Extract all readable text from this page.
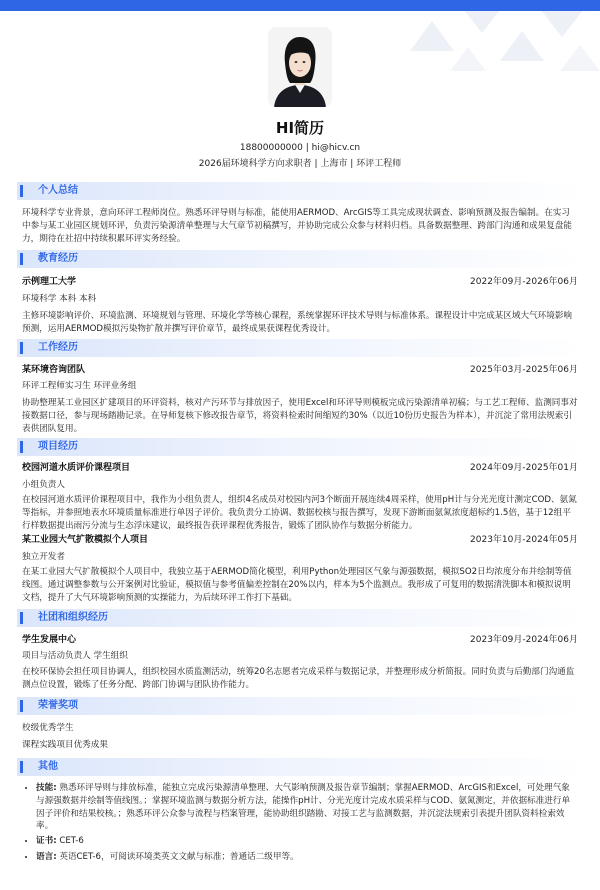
HI简历
18800000000 | hi@hicv.cn
2026届环境科学方向求职者 | 上海市 | 环评工程师
个人总结

环境科学专业背景，意向环评工程师岗位。熟悉环评导则与标准，能使用AERMOD、ArcGIS等工具完成现状调查、影响预测及报告编制。在实习中参与某工业园区规划环评，负责污染源清单整理与大气章节初稿撰写，并协助完成公众参与材料归档。具备数据整理、跨部门沟通和成果复盘能力，期待在社招中持续积累环评实务经验。

教育经历
示例理工大学	2022年09月-2026年06月
环境科学 本科 本科

主修环境影响评价、环境监测、环境规划与管理、环境化学等核心课程，系统掌握环评技术导则与标准体系。课程设计中完成某区域大气环境影响预测，运用AERMOD模拟污染物扩散并撰写评价章节，最终成果获课程优秀设计。

工作经历
某环境咨询团队	2025年03月-2025年06月
环评工程师实习生 环评业务组

协助整理某工业园区扩建项目的环评资料，核对产污环节与排放因子，使用Excel和环评导则模板完成污染源清单初稿；与工艺工程师、监测同事对接数据口径，参与现场踏勘记录。在导师复核下修改报告章节，将资料检索时间缩短约30%（以近10份历史报告为样本），并沉淀了常用法规索引表供团队复用。

项目经历
校园河道水质评价课程项目	2024年09月-2025年01月
小组负责人

在校园河道水质评价课程项目中，我作为小组负责人，组织4名成员对校园内河3个断面开展连续4周采样，使用pH计与分光光度计测定COD、氨氮等指标，并参照地表水环境质量标准进行单因子评价。我负责分工协调、数据校核与报告撰写，发现下游断面氨氮浓度超标约1.5倍，基于12组平行样数据提出雨污分流与生态浮床建议，最终报告获评课程优秀报告，锻炼了团队协作与数据分析能力。

某工业园大气扩散模拟个人项目	2023年10月-2024年05月
独立开发者

在某工业园大气扩散模拟个人项目中，我独立基于AERMOD简化模型，利用Python处理园区气象与源强数据，模拟SO2日均浓度分布并绘制等值线图。通过调整参数与公开案例对比验证，模拟值与参考值偏差控制在20%以内，样本为5个监测点。我形成了可复用的数据清洗脚本和模拟说明文档，提升了大气环境影响预测的实操能力，为后续环评工作打下基础。

社团和组织经历
学生发展中心	2023年09月-2024年06月
项目与活动负责人 学生组织

在校环保协会担任项目协调人，组织校园水质监测活动，统筹20名志愿者完成采样与数据记录，并整理形成分析简报。同时负责与后勤部门沟通监测点位设置，锻炼了任务分配、跨部门协调与团队协作能力。

荣誉奖项
校级优秀学生
课程实践项目优秀成果
其他
• 技能: 熟悉环评导则与排放标准，能独立完成污染源清单整理、大气影响预测及报告章节编制；掌握AERMOD、ArcGIS和Excel，可处理气象与源强数据并绘制等值线图。；掌握环境监测与数据分析方法，能操作pH计、分光光度计完成水质采样与COD、氨氮测定，并依据标准进行单因子评价和结果校核。；熟悉环评公众参与流程与档案管理，能协助组织踏勘、对接工艺与监测数据，并沉淀法规索引表提升团队资料检索效率。
• 证书: CET-6
• 语言: 英语CET-6，可阅读环境类英文文献与标准；普通话二级甲等。
